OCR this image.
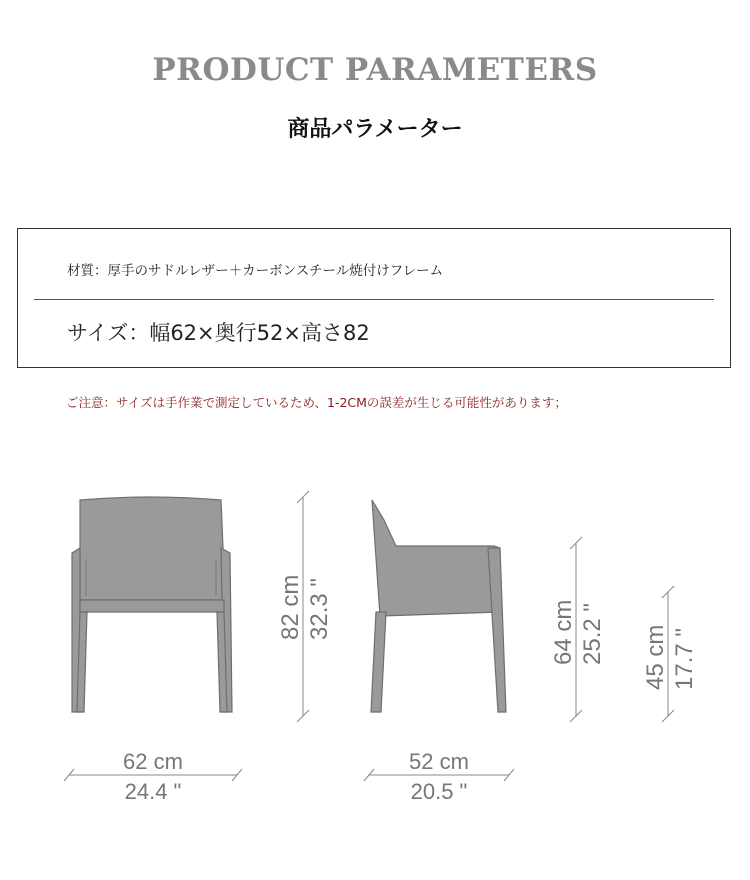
PRODUCT PARAMETERS
商品パラメーター
材質：厚手のサドルレザー＋カーボンスチール焼付けフレーム
サイズ：幅62×奥行52×高さ82
ご注意：サイズは手作業で測定しているため、1-2CMの誤差が生じる可能性があります；
82 cm 32.3 "	64 cm 25.2 " 45 cm 17.7 "
62 cm
24.4 "
52 cm
20.5 "
